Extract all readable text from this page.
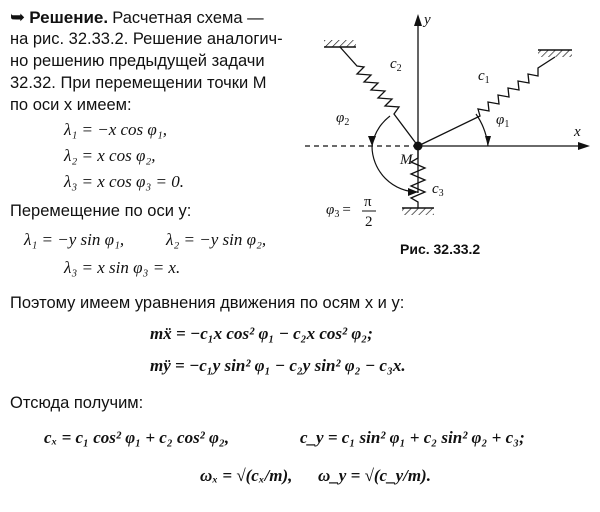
➥ Решение. Расчетная схема —
на рис. 32.33.2. Решение аналогич-
но решению предыдущей задачи
32.32. При перемещении точки M
по оси x имеем:
λ₁ = −x cos φ₁,
λ₂ = x cos φ₂,
λ₃ = x cos φ₃ = 0.
Перемещение по оси y:
λ₁ = −y sin φ₁, λ₂ = −y sin φ₂,
λ₃ = x sin φ₃ = x.
Поэтому имеем уравнения движения по осям x и y:
mẍ = −c₁x cos² φ₁ − c₂x cos² φ₂;
mÿ = −c₁y sin² φ₁ − c₂y sin² φ₂ − c₃x.
Отсюда получим:
cₓ = c₁ cos² φ₁ + c₂ cos² φ₂,	c_y = c₁ sin² φ₁ + c₂ sin² φ₂ + c₃;
ωₓ = √(cₓ/m), ω_y = √(c_y/m).
y
x
M
$c_1$
$c_2$
$c_3$
$\varphi_1$
$\varphi_2$
$\varphi_3 = \pi$
2
Рис. 32.33.2
